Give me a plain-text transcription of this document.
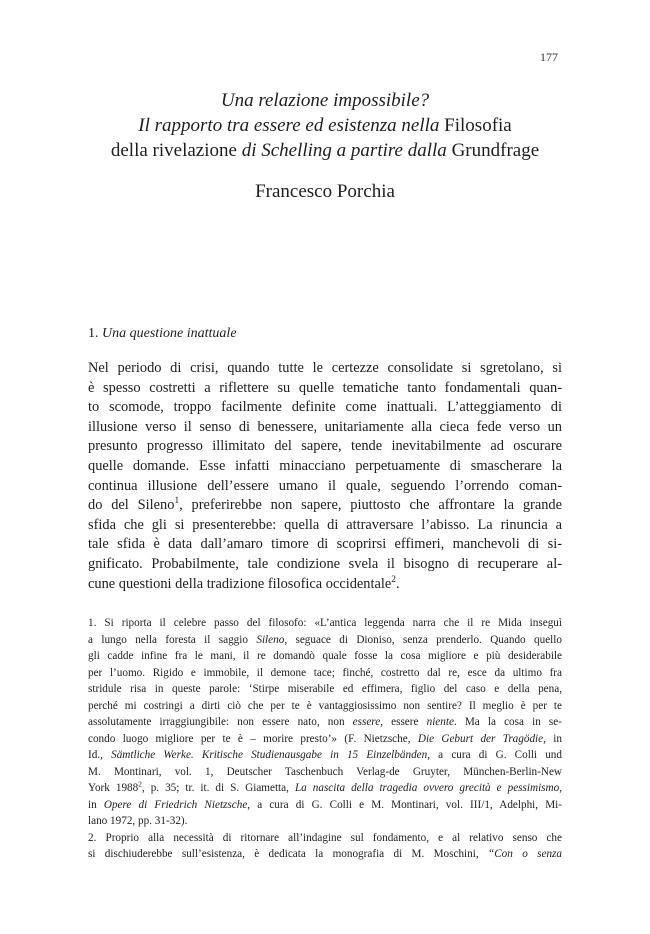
177
Una relazione impossibile?
Il rapporto tra essere ed esistenza nella Filosofia
della rivelazione di Schelling a partire dalla Grundfrage
Francesco Porchia
1. Una questione inattuale
Nel periodo di crisi, quando tutte le certezze consolidate si sgretolano, si
è spesso costretti a riflettere su quelle tematiche tanto fondamentali quan-
to scomode, troppo facilmente definite come inattuali. L’atteggiamento di
illusione verso il senso di benessere, unitariamente alla cieca fede verso un
presunto progresso illimitato del sapere, tende inevitabilmente ad oscurare
quelle domande. Esse infatti minacciano perpetuamente di smascherare la
continua illusione dell’essere umano il quale, seguendo l’orrendo coman-
do del Sileno$^1$, preferirebbe non sapere, piuttosto che affrontare la grande
sfida che gli si presenterebbe: quella di attraversare l’abisso. La rinuncia a
tale sfida è data dall’amaro timore di scoprirsi effimeri, manchevoli di si-
gnificato. Probabilmente, tale condizione svela il bisogno di recuperare al-
cune questioni della tradizione filosofica occidentale$^2$.
1. Si riporta il celebre passo del filosofo: «L’antica leggenda narra che il re Mida inseguì
a lungo nella foresta il saggio Sileno, seguace di Dioniso, senza prenderlo. Quando quello
gli cadde infine fra le mani, il re domandò quale fosse la cosa migliore e più desiderabile
per l’uomo. Rigido e immobile, il demone tace; finché, costretto dal re, esce da ultimo fra
stridule risa in queste parole: ‘Stirpe miserabile ed effimera, figlio del caso e della pena,
perché mi costringi a dirti ciò che per te è vantaggiosissimo non sentire? Il meglio è per te
assolutamente irraggiungibile: non essere nato, non essere, essere niente. Ma la cosa in se-
condo luogo migliore per te è – morire presto’» (F. Nietzsche, Die Geburt der Tragödie, in
Id., Sämtliche Werke. Kritische Studienausgabe in 15 Einzelbänden, a cura di G. Colli und
M. Montinari, vol. 1, Deutscher Taschenbuch Verlag-de Gruyter, München-Berlin-New
York 1988$^2$, p. 35; tr. it. di S. Giametta, La nascita della tragedia ovvero grecità e pessimismo,
in Opere di Friedrich Nietzsche, a cura di G. Colli e M. Montinari, vol. III/1, Adelphi, Mi-
lano 1972, pp. 31-32).
2. Proprio alla necessità di ritornare all’indagine sul fondamento, e al relativo senso che
si dischiuderebbe sull’esistenza, è dedicata la monografia di M. Moschini, “Con o senza
